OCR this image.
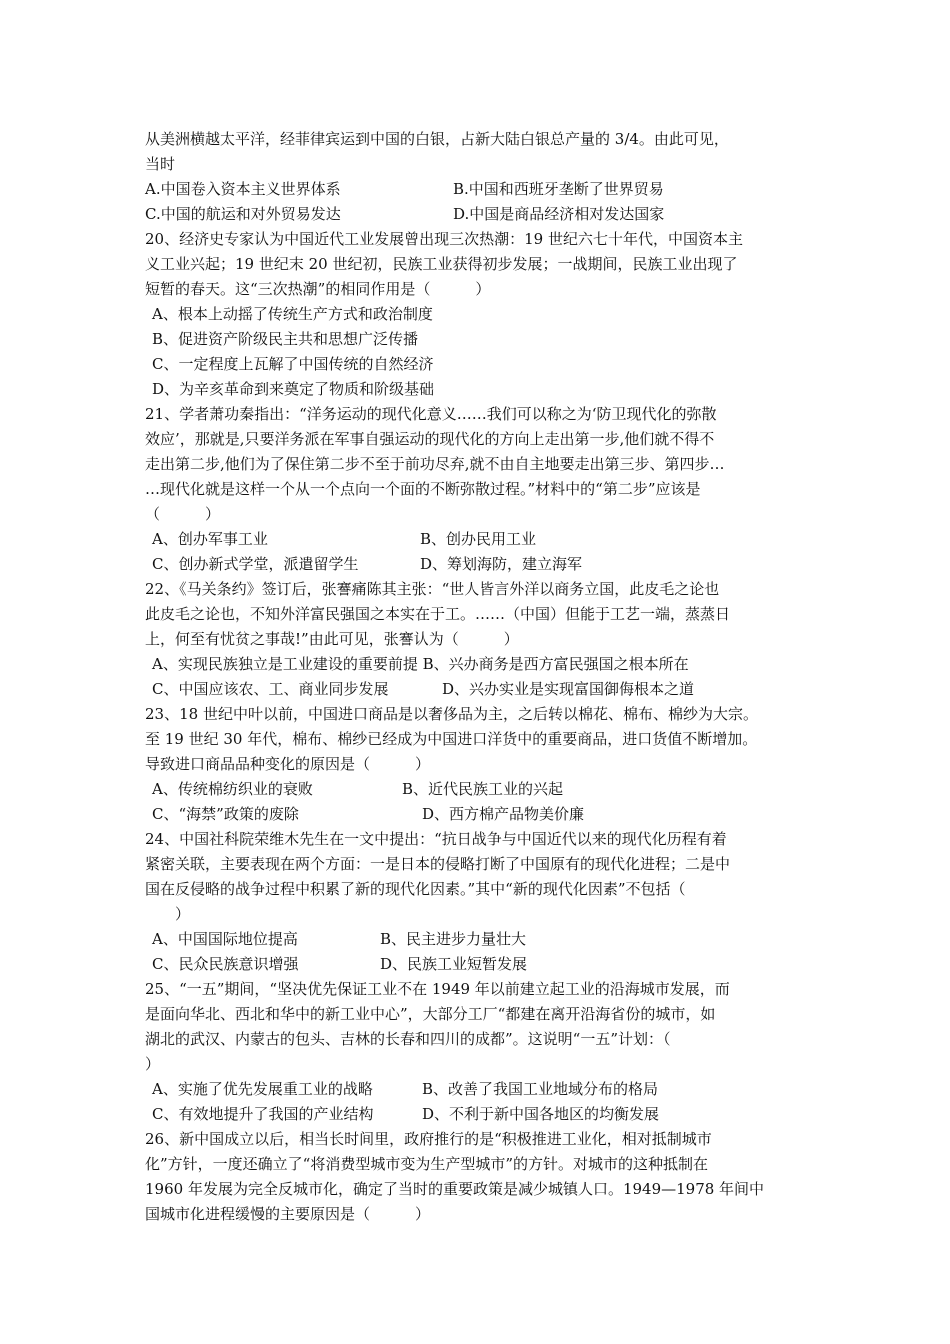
从美洲横越太平洋，经菲律宾运到中国的白银，占新大陆白银总产量的 3/4。由此可见，
当时
A.中国卷入资本主义世界体系	B.中国和西班牙垄断了世界贸易
C.中国的航运和对外贸易发达	D.中国是商品经济相对发达国家
20、经济史专家认为中国近代工业发展曾出现三次热潮：19 世纪六七十年代，中国资本主
义工业兴起；19 世纪末 20 世纪初，民族工业获得初步发展；一战期间，民族工业出现了
短暂的春天。这“三次热潮”的相同作用是（　　　）
A、根本上动摇了传统生产方式和政治制度
B、促进资产阶级民主共和思想广泛传播
C、一定程度上瓦解了中国传统的自然经济
D、为辛亥革命到来奠定了物质和阶级基础
21、学者萧功秦指出：“洋务运动的现代化意义……我们可以称之为‘防卫现代化的弥散
效应’，那就是,只要洋务派在军事自强运动的现代化的方向上走出第一步,他们就不得不
走出第二步,他们为了保住第二步不至于前功尽弃,就不由自主地要走出第三步、第四步…
…现代化就是这样一个从一个点向一个面的不断弥散过程。”材料中的“第二步”应该是
（　　　）
A、创办军事工业	B、创办民用工业
C、创办新式学堂，派遣留学生	D、筹划海防，建立海军
22、《马关条约》签订后，张謇痛陈其主张：“世人皆言外洋以商务立国，此皮毛之论也
此皮毛之论也，不知外洋富民强国之本实在于工。……（中国）但能于工艺一端，蒸蒸日
上，何至有忧贫之事哉!”由此可见，张謇认为（　　　）
A、实现民族独立是工业建设的重要前提 B、兴办商务是西方富民强国之根本所在
C、中国应该农、工、商业同步发展	D、兴办实业是实现富国御侮根本之道
23、18 世纪中叶以前，中国进口商品是以奢侈品为主，之后转以棉花、棉布、棉纱为大宗。
至 19 世纪 30 年代，棉布、棉纱已经成为中国进口洋货中的重要商品，进口货值不断增加。
导致进口商品品种变化的原因是（　　　）
A、传统棉纺织业的衰败	B、近代民族工业的兴起
C、“海禁”政策的废除	D、西方棉产品物美价廉
24、中国社科院荣维木先生在一文中提出：“抗日战争与中国近代以来的现代化历程有着
紧密关联，主要表现在两个方面：一是日本的侵略打断了中国原有的现代化进程；二是中
国在反侵略的战争过程中积累了新的现代化因素。”其中“新的现代化因素”不包括（
　　）
A、中国国际地位提高	B、民主进步力量壮大
C、民众民族意识增强	D、民族工业短暂发展
25、“一五”期间，“坚决优先保证工业不在 1949 年以前建立起工业的沿海城市发展，而
是面向华北、西北和华中的新工业中心”，大部分工厂“都建在离开沿海省份的城市，如
湖北的武汉、内蒙古的包头、吉林的长春和四川的成都”。这说明“一五”计划：（
）
A、实施了优先发展重工业的战略	B、改善了我国工业地域分布的格局
C、有效地提升了我国的产业结构	D、不利于新中国各地区的均衡发展
26、新中国成立以后，相当长时间里，政府推行的是“积极推进工业化，相对抵制城市
化”方针，一度还确立了“将消费型城市变为生产型城市”的方针。对城市的这种抵制在
1960 年发展为完全反城市化，确定了当时的重要政策是减少城镇人口。1949—1978 年间中
国城市化进程缓慢的主要原因是（　　　）
